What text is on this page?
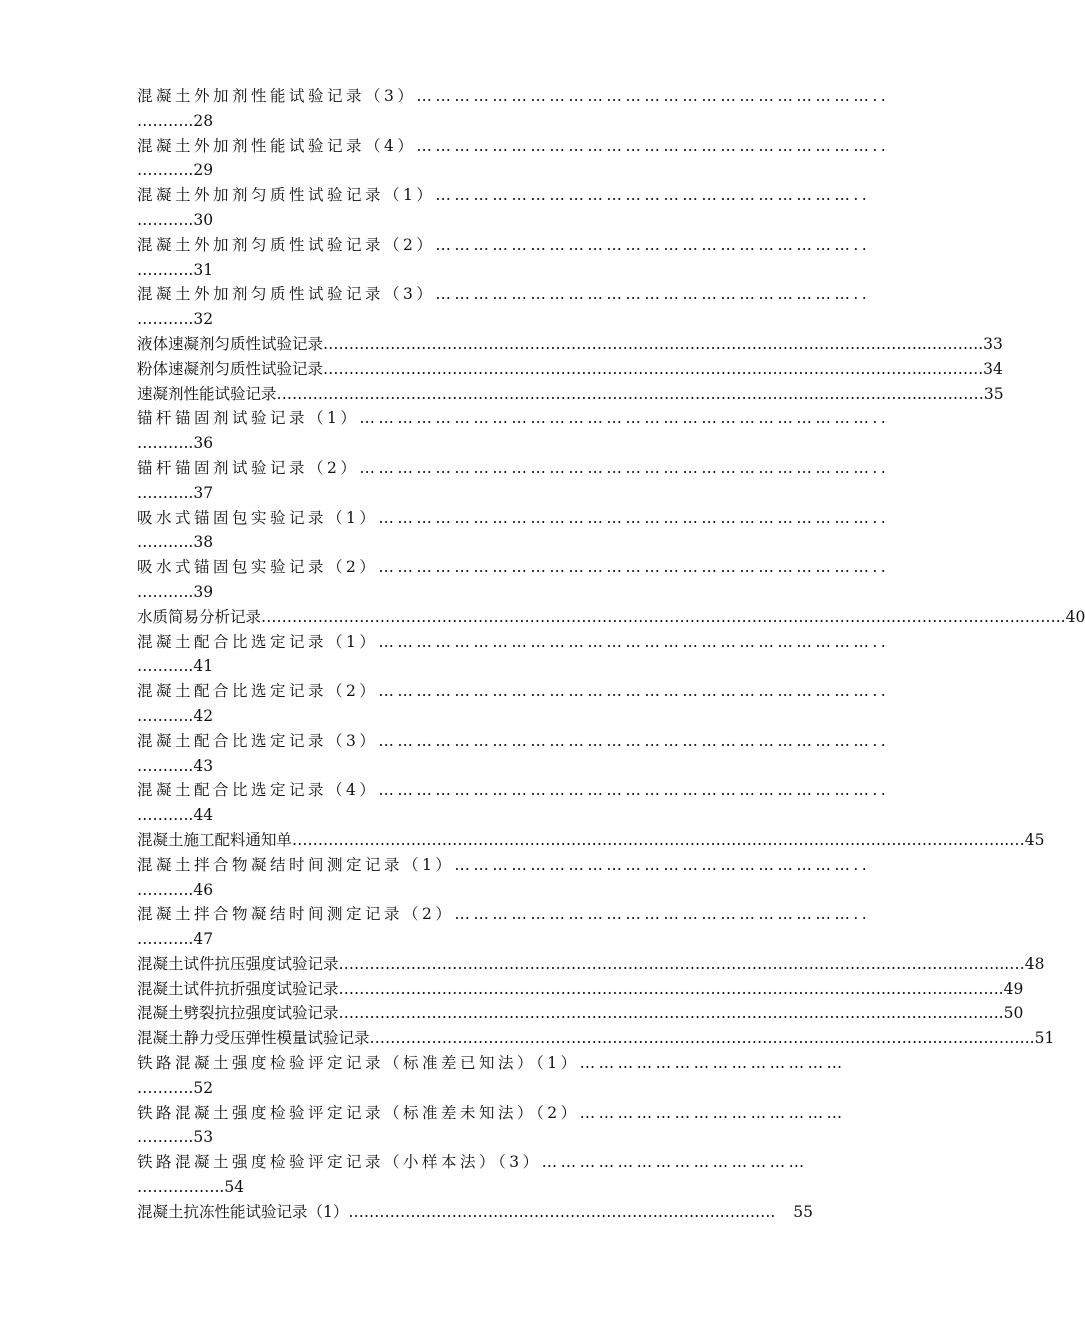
混凝土外加剂性能试验记录（3）………………………………………………………………..
………..28
混凝土外加剂性能试验记录（4）………………………………………………………………..
………..29
混凝土外加剂匀质性试验记录（1）…………………………………………………………..
………..30
混凝土外加剂匀质性试验记录（2）…………………………………………………………..
………..31
混凝土外加剂匀质性试验记录（3）…………………………………………………………..
………..32
液体速凝剂匀质性试验记录 ……………………………………………………………………………………………….……..……….. 33
粉体速凝剂匀质性试验记录 ……………………………………………………………………………………………….……..……….. 34
速凝剂性能试验记录 ……………………………………………………………………………………………………………..………… 35
锚杆锚固剂试验记录（1）………………………………………………………………………..
………..36
锚杆锚固剂试验记录（2）………………………………………………………………………..
………..37
吸水式锚固包实验记录（1）……………………………………………………………………..
………..38
吸水式锚固包实验记录（2）……………………………………………………………………..
………..39
水质简易分析记录 …………………………………………………………………………………………………………..……………………..…….. 40
混凝土配合比选定记录（1）……………………………………………………………………..
………..41
混凝土配合比选定记录（2）……………………………………………………………………..
………..42
混凝土配合比选定记录（3）……………………………………………………………………..
………..43
混凝土配合比选定记录（4）……………………………………………………………………..
………..44
混凝土施工配料通知单 ………………………………………………………………………………………………………..………………..… 45
混凝土拌合物凝结时间测定记录（1）………………………………………………………..
………..46
混凝土拌合物凝结时间测定记录（2）………………………………………………………..
………..47
混凝土试件抗压强度试验记录 ……………………………………………………………………………………………..…………………..… 48
混凝土试件抗折强度试验记录 ……………………………………………………………………………………………..…………..…….. 49
混凝土劈裂抗拉强度试验记录 ……………………………………………………………………………………………..…………..…….. 50
混凝土静力受压弹性模量试验记录 ………………………………………………………………………………………………..……..……….. 51
铁路混凝土强度检验评定记录（标准差已知法）（1）……………………………………
………..52
铁路混凝土强度检验评定记录（标准差未知法）（2）……………………………………
………..53
铁路混凝土强度检验评定记录（小样本法）（3）……………………………………
……………..54
混凝土抗冻性能试验记录（1） ………………………….….………………………………..…..…..	55
